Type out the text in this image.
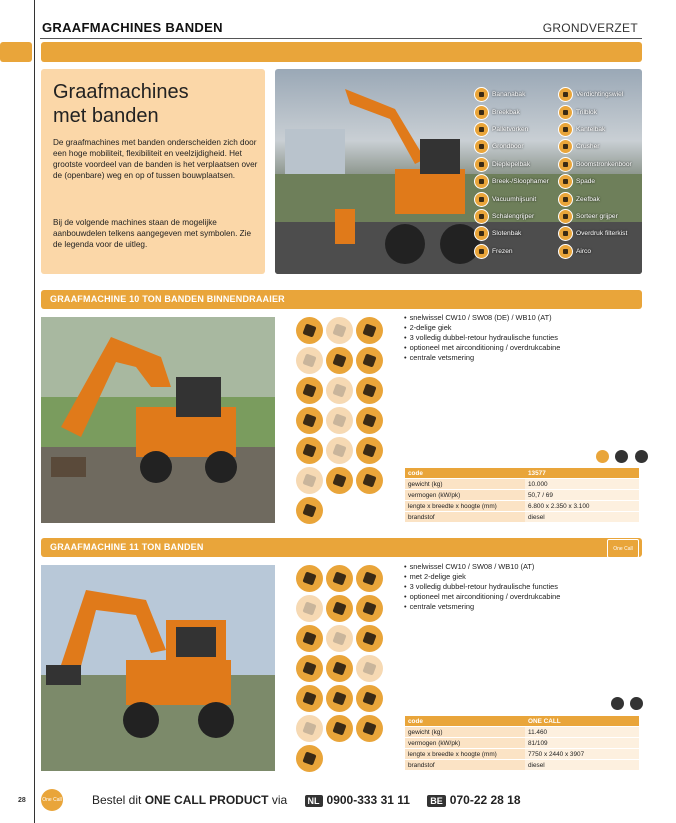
GRAAFMACHINES BANDEN	GRONDVERZET
Graafmachines
met banden
De graafmachines met banden onderscheiden zich door een hoge mobiliteit, flexibiliteit en veelzijdigheid. Het grootste voordeel van de banden is het verplaatsen over de (openbare) weg en op of tussen bouwplaatsen.
Bij de volgende machines staan de mogelijke aanbouwdelen telkens aangegeven met symbolen. Zie de legenda voor de uitleg.
Bananabak
Breekbak
Palletvorken
Grondboor
Dieplepelbak
Breek-/Sloophamer
Vacuumhijsunit
Schalengrijper
Slotenbak
Frezen
Verdichtingswiel
Trilblok
Kantelbak
Crusher
Boomstronkenboor
Spade
Zeefbak
Sorteer grijper
Overdruk filterkist
Airco
GRAAFMACHINE 10 TON BANDEN BINNENDRAAIER
• snelwissel CW10 / SW08 (DE) / WB10 (AT)
• 2-delige giek
• 3 volledig dubbel-retour hydraulische functies
• optioneel met airconditioning / overdrukcabine
• centrale vetsmering

code	13577
gewicht (kg)	10.000
vermogen (kW/pk)	50,7 / 69
lengte x breedte x hoogte (mm)	6.800 x 2.350 x 3.100
brandstof	diesel
GRAAFMACHINE 11 TON BANDEN	One Call
• snelwissel CW10 / SW08 / WB10 (AT)
• met 2-delige giek
• 3 volledig dubbel-retour hydraulische functies
• optioneel met airconditioning / overdrukcabine
• centrale vetsmering

code	ONE CALL
gewicht (kg)	11.460
vermogen (kW/pk)	81/109
lengte x breedte x hoogte (mm)	7750 x 2440 x 3907
brandstof	diesel
28	One Call	Bestel dit ONE CALL PRODUCT via NL 0900-333 31 11 BE 070-22 28 18
